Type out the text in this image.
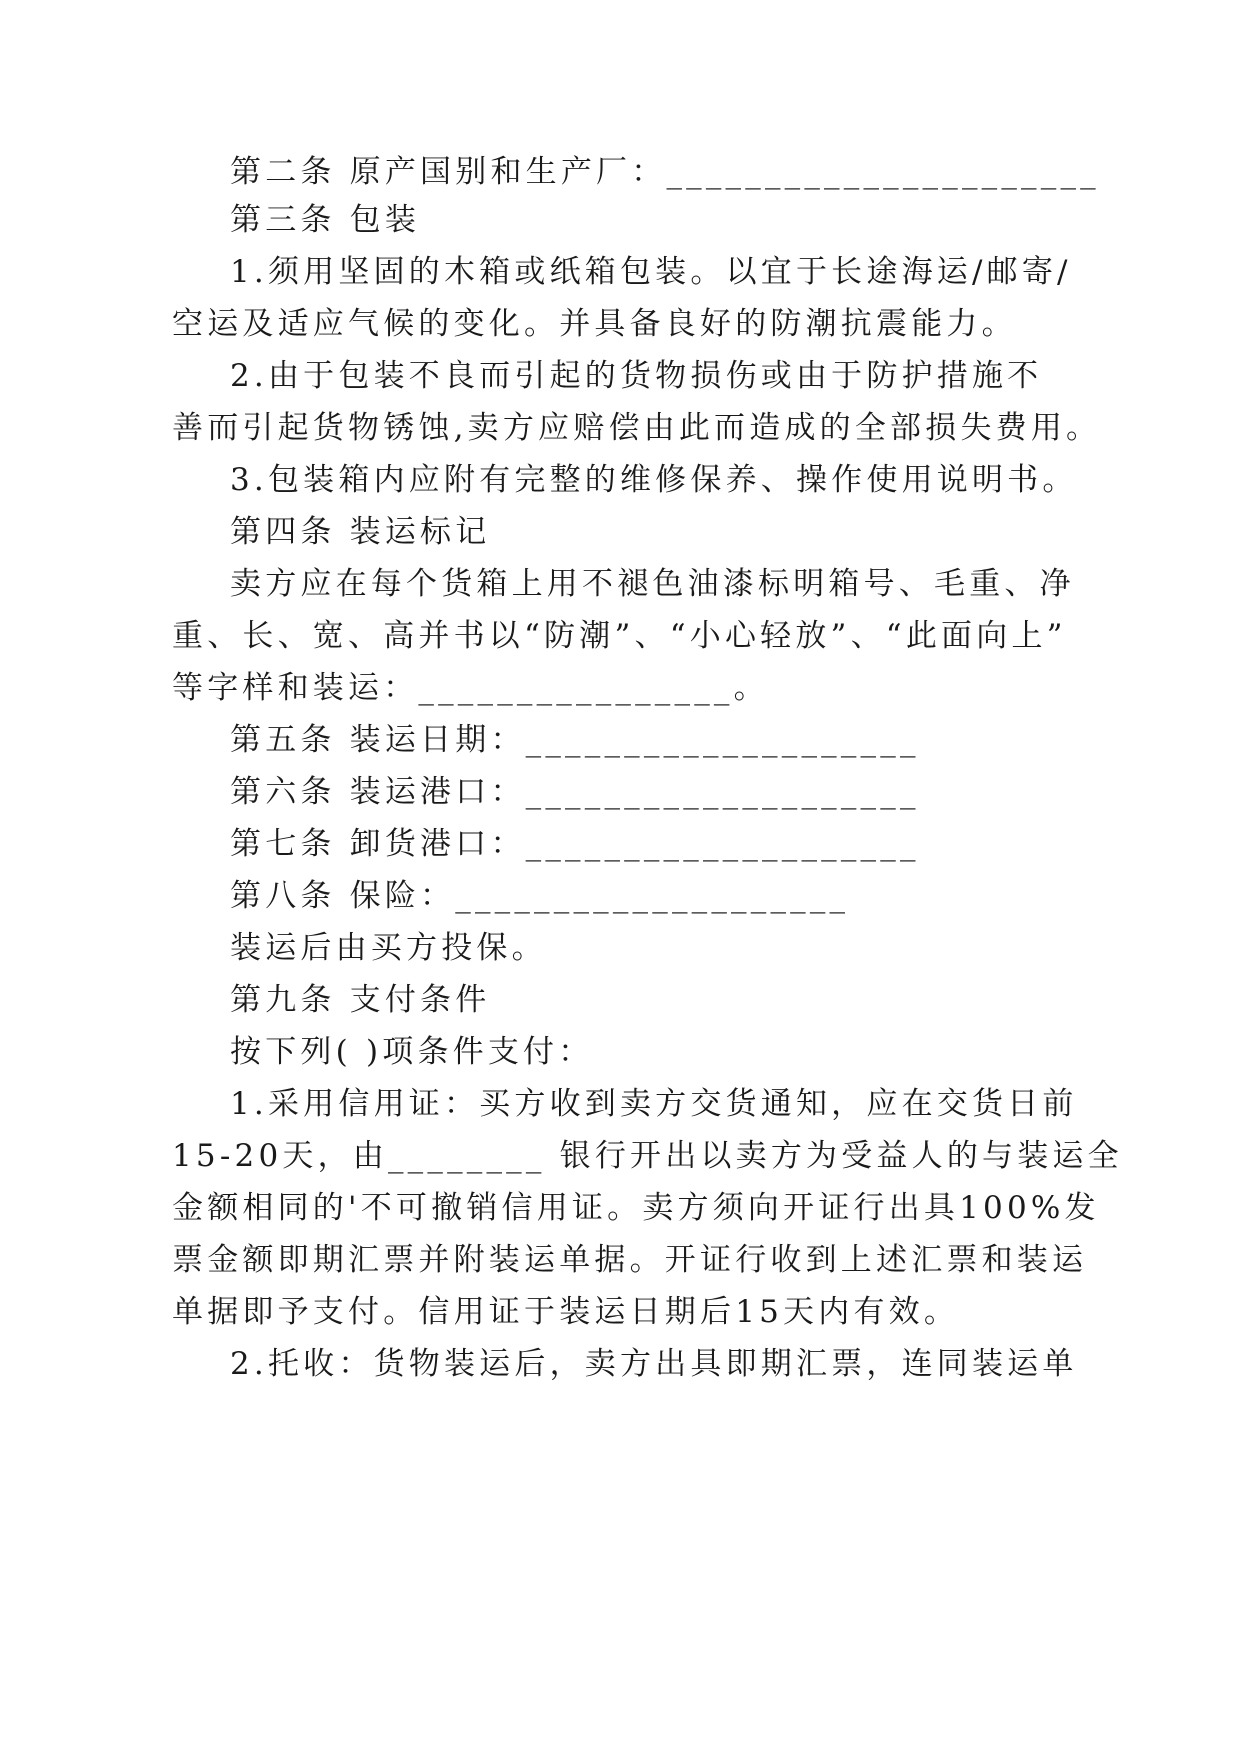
第二条 原产国别和生产厂：______________________
第三条 包装
1.须用坚固的木箱或纸箱包装。以宜于长途海运/邮寄/
空运及适应气候的变化。并具备良好的防潮抗震能力。
2.由于包装不良而引起的货物损伤或由于防护措施不
善而引起货物锈蚀,卖方应赔偿由此而造成的全部损失费用。
3.包装箱内应附有完整的维修保养、操作使用说明书。
第四条 装运标记
卖方应在每个货箱上用不褪色油漆标明箱号、毛重、净
重、长、宽、高并书以“防潮”、“小心轻放”、“此面向上”
等字样和装运：________________。
第五条 装运日期：____________________
第六条 装运港口：____________________
第七条 卸货港口：____________________
第八条 保险：____________________
装运后由买方投保。
第九条 支付条件
按下列( )项条件支付：
1.采用信用证：买方收到卖方交货通知，应在交货日前
15-20天，由________ 银行开出以卖方为受益人的与装运全
金额相同的'不可撤销信用证。卖方须向开证行出具100%发
票金额即期汇票并附装运单据。开证行收到上述汇票和装运
单据即予支付。信用证于装运日期后15天内有效。
2.托收：货物装运后，卖方出具即期汇票，连同装运单
